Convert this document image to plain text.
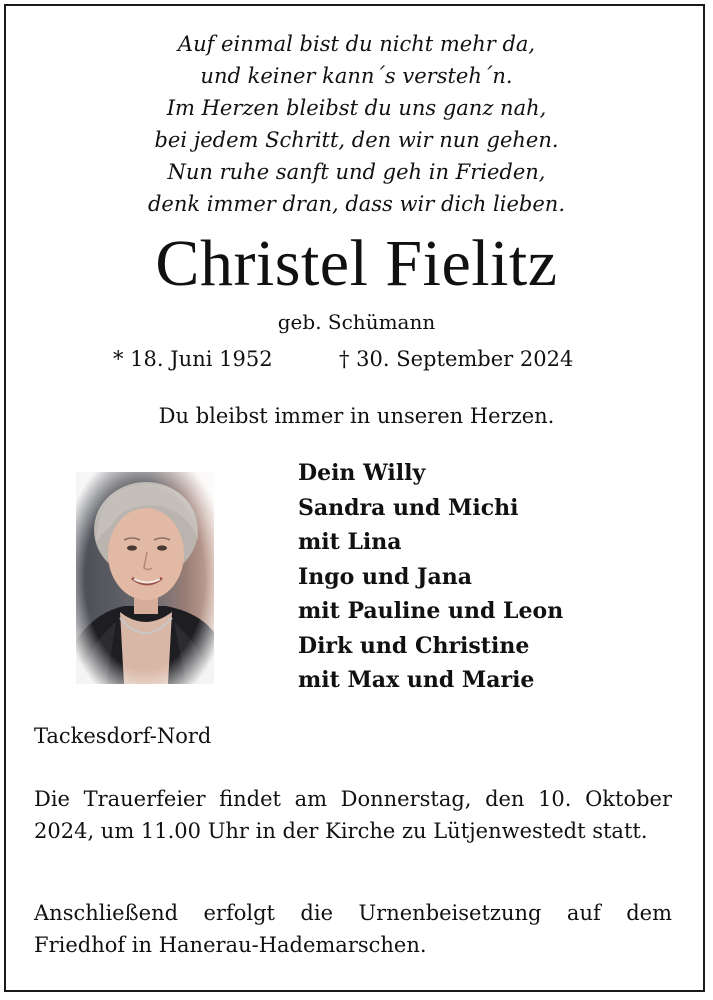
Auf einmal bist du nicht mehr da,
und keiner kann´s versteh´n.
Im Herzen bleibst du uns ganz nah,
bei jedem Schritt, den wir nun gehen.
Nun ruhe sanft und geh in Frieden,
denk immer dran, dass wir dich lieben.
Christel Fielitz
geb. Schümann
* 18. Juni 1952	† 30. September 2024
Du bleibst immer in unseren Herzen.
Dein Willy
Sandra und Michi
mit Lina
Ingo und Jana
mit Pauline und Leon
Dirk und Christine
mit Max und Marie
Tackesdorf-Nord
Die Trauerfeier findet am Donnerstag, den 10. Oktober 2024, um 11.00 Uhr in der Kirche zu Lütjenwestedt statt.
Anschließend erfolgt die Urnenbeisetzung auf dem Friedhof in Hanerau-Hademarschen.
